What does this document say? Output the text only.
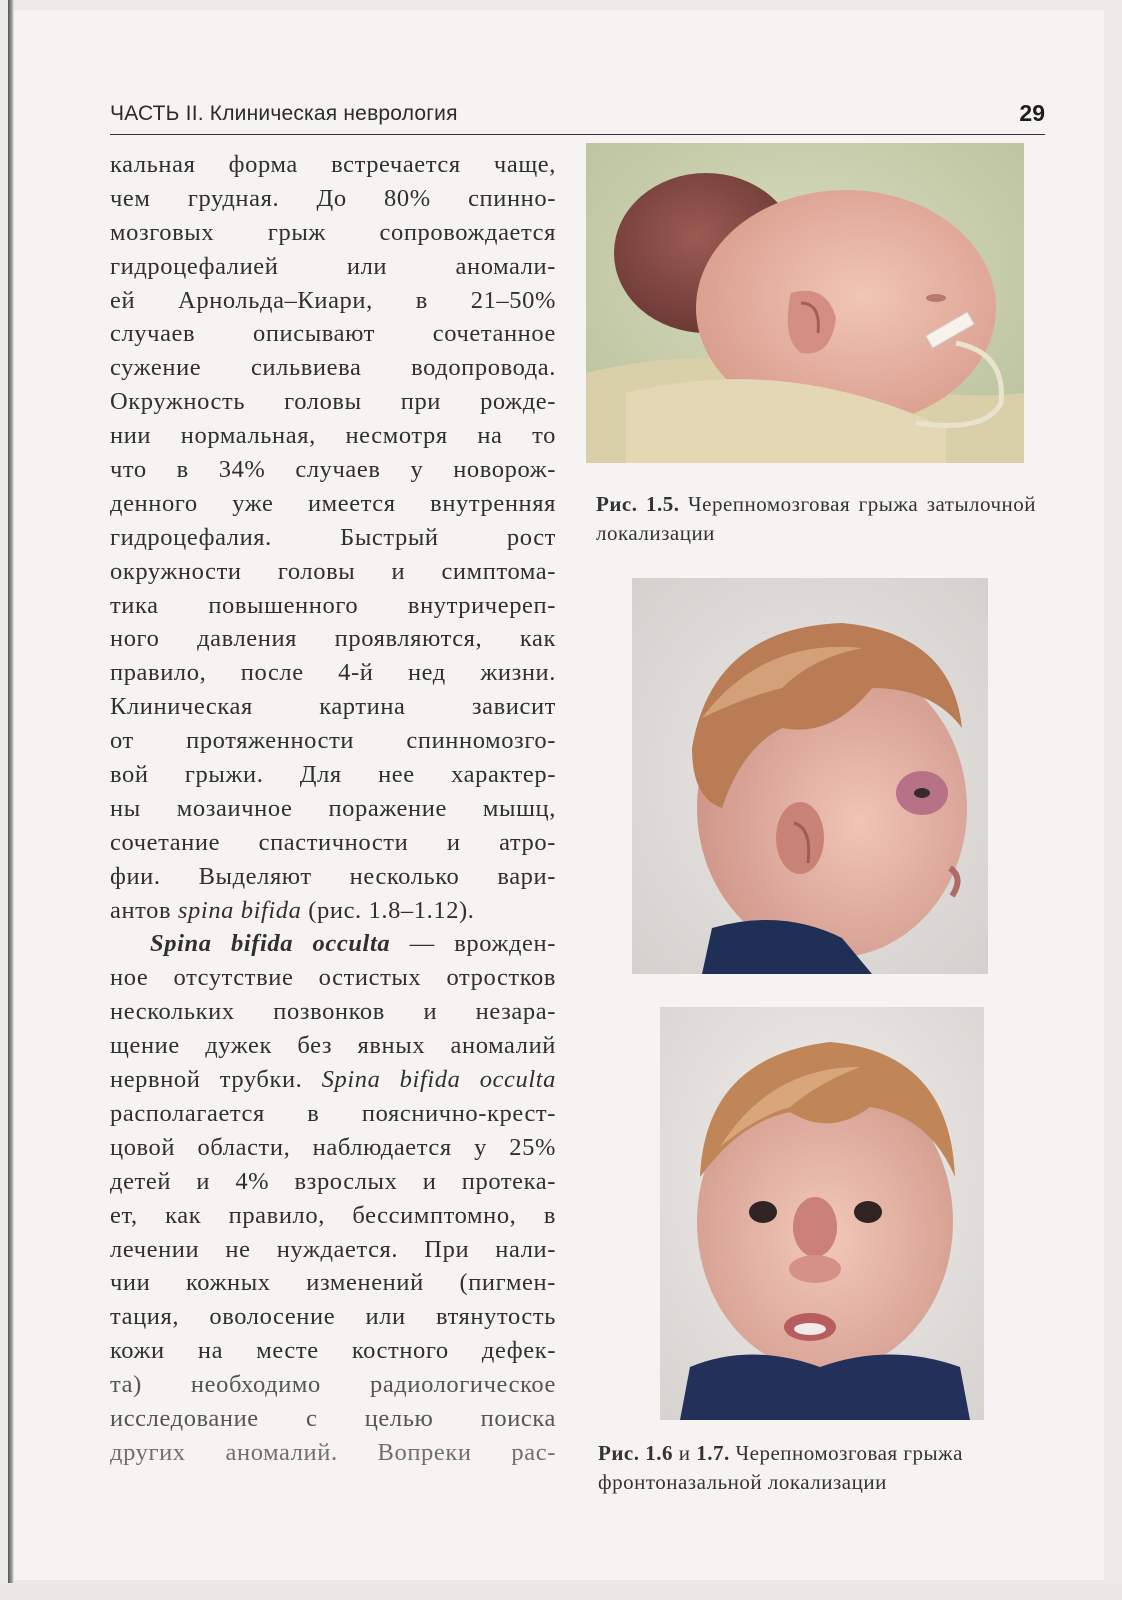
ЧАСТЬ II. Клиническая неврология	29
кальная форма встречается чаще,
чем грудная. До 80% спинно-
мозговых грыж сопровождается
гидроцефалией или аномали-
ей Арнольда–Киари, в 21–50%
случаев описывают сочетанное
сужение сильвиева водопровода.
Окружность головы при рожде-
нии нормальная, несмотря на то
что в 34% случаев у новорож-
денного уже имеется внутренняя
гидроцефалия. Быстрый рост
окружности головы и симптома-
тика повышенного внутричереп-
ного давления проявляются, как
правило, после 4-й нед жизни.
Клиническая картина зависит
от протяженности спинномозго-
вой грыжи. Для нее характер-
ны мозаичное поражение мышц,
сочетание спастичности и атро-
фии. Выделяют несколько вари-
антов spina bifida (рис. 1.8–1.12).
Spina bifida occulta — врожден-
ное отсутствие остистых отростков
нескольких позвонков и незара-
щение дужек без явных аномалий
нервной трубки. Spina bifida occulta
располагается в пояснично-крест-
цовой области, наблюдается у 25%
детей и 4% взрослых и протека-
ет, как правило, бессимптомно, в
лечении не нуждается. При нали-
чии кожных изменений (пигмен-
тация, оволосение или втянутость
кожи на месте костного дефек-
та) необходимо радиологическое
исследование с целью поиска
других аномалий. Вопреки рас-
Рис. 1.5. Черепномозговая грыжа затылочной локализации
Рис. 1.6 и 1.7. Черепномозговая грыжа фронтоназальной локализации
